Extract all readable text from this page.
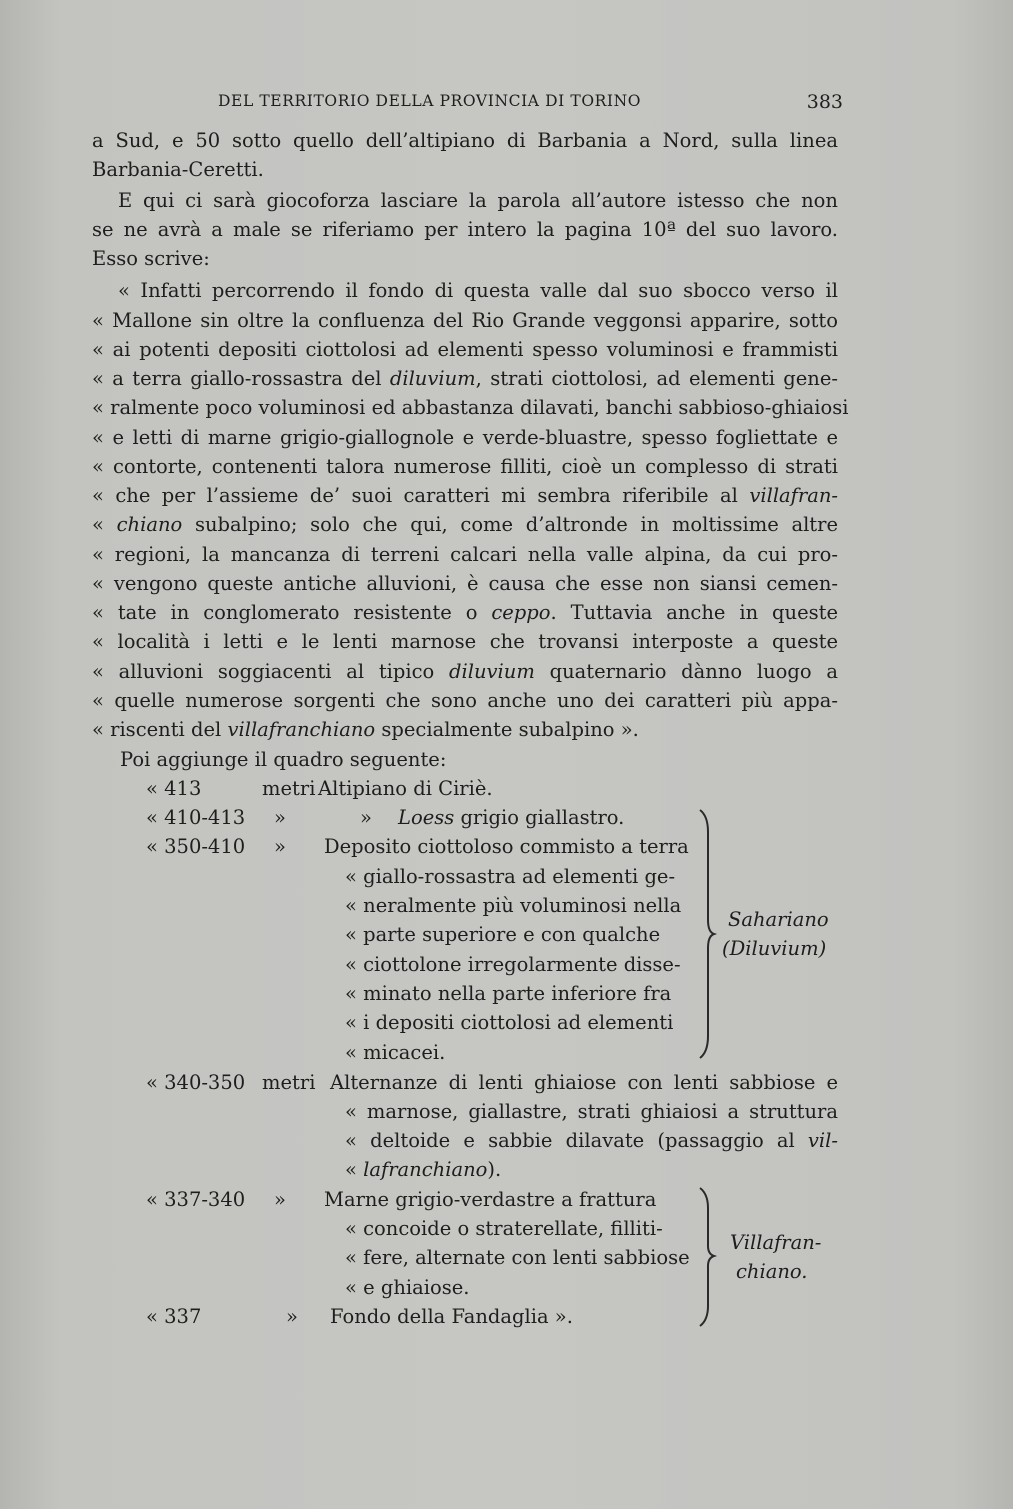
DEL TERRITORIO DELLA PROVINCIA DI TORINO	383
a Sud, e 50 sotto quello dell’altipiano di Barbania a Nord, sulla linea
Barbania-Ceretti.
E qui ci sarà giocoforza lasciare la parola all’autore istesso che non
se ne avrà a male se riferiamo per intero la pagina 10ª del suo lavoro.
Esso scrive:
« Infatti percorrendo il fondo di questa valle dal suo sbocco verso il
« Mallone sin oltre la confluenza del Rio Grande veggonsi apparire, sotto
« ai potenti depositi ciottolosi ad elementi spesso voluminosi e frammisti
« a terra giallo-rossastra del diluvium, strati ciottolosi, ad elementi gene-
« ralmente poco voluminosi ed abbastanza dilavati, banchi sabbioso-ghiaiosi
« e letti di marne grigio-giallognole e verde-bluastre, spesso fogliettate e
« contorte, contenenti talora numerose filliti, cioè un complesso di strati
« che per l’assieme de’ suoi caratteri mi sembra riferibile al villafran-
« chiano subalpino; solo che qui, come d’altronde in moltissime altre
« regioni, la mancanza di terreni calcari nella valle alpina, da cui pro-
« vengono queste antiche alluvioni, è causa che esse non siansi cemen-
« tate in conglomerato resistente o ceppo. Tuttavia anche in queste
« località i letti e le lenti marnose che trovansi interposte a queste
« alluvioni soggiacenti al tipico diluvium quaternario dànno luogo a
« quelle numerose sorgenti che sono anche uno dei caratteri più appa-
« riscenti del villafranchiano specialmente subalpino ».
Poi aggiunge il quadro seguente:
« 413	metri Altipiano di Ciriè.
« 410-413 »	» Loess grigio giallastro.
« 350-410 » Deposito ciottoloso commisto a terra
« giallo-rossastra ad elementi ge-
« neralmente più voluminosi nella
« parte superiore e con qualche
« ciottolone irregolarmente disse-
« minato nella parte inferiore fra
« i depositi ciottolosi ad elementi
« micacei.
Sahariano
(Diluvium)
« 340-350 metri Alternanze di lenti ghiaiose con lenti sabbiose e
« marnose, giallastre, strati ghiaiosi a struttura
« deltoide e sabbie dilavate (passaggio al vil-
« lafranchiano).
« 337-340 » Marne grigio-verdastre a frattura
« concoide o straterellate, filliti-
« fere, alternate con lenti sabbiose
« e ghiaiose.
Villafran-
chiano.
« 337	» Fondo della Fandaglia ».
